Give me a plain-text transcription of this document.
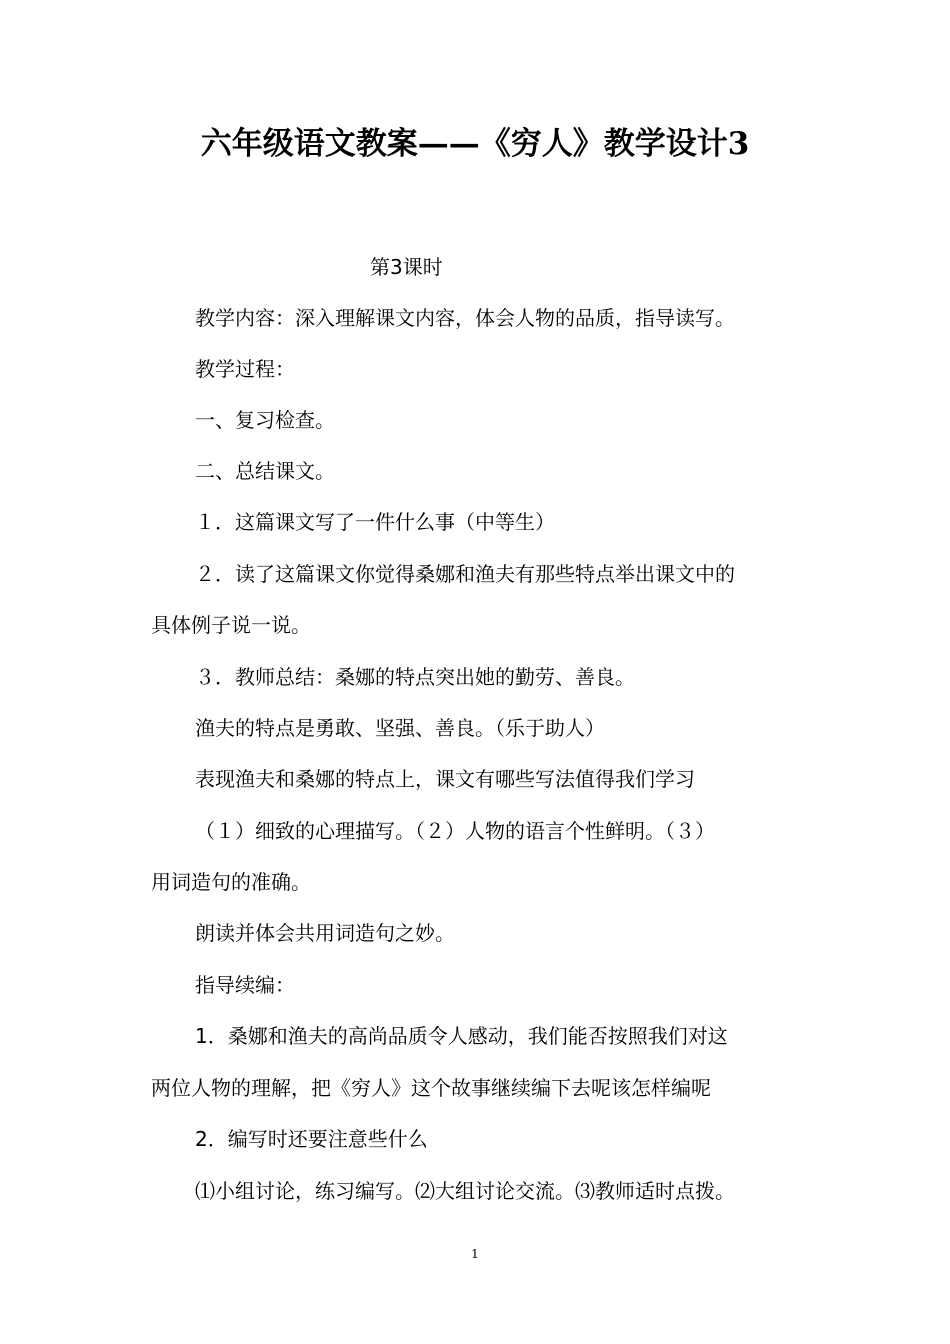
六年级语文教案——《穷人》教学设计3
第3课时
教学内容：深入理解课文内容，体会人物的品质，指导读写。
教学过程：
一、复习检查。
二、总结课文。
１．这篇课文写了一件什么事（中等生）
２．读了这篇课文你觉得桑娜和渔夫有那些特点举出课文中的
具体例子说一说。
３．教师总结：桑娜的特点突出她的勤劳、善良。
渔夫的特点是勇敢、坚强、善良。（乐于助人）
表现渔夫和桑娜的特点上，课文有哪些写法值得我们学习
（１）细致的心理描写。（２）人物的语言个性鲜明。（３）
用词造句的准确。
朗读并体会共用词造句之妙。
指导续编：
1．桑娜和渔夫的高尚品质令人感动，我们能否按照我们对这
两位人物的理解，把《穷人》这个故事继续编下去呢该怎样编呢
2．编写时还要注意些什么
⑴小组讨论，练习编写。⑵大组讨论交流。⑶教师适时点拨。
1
